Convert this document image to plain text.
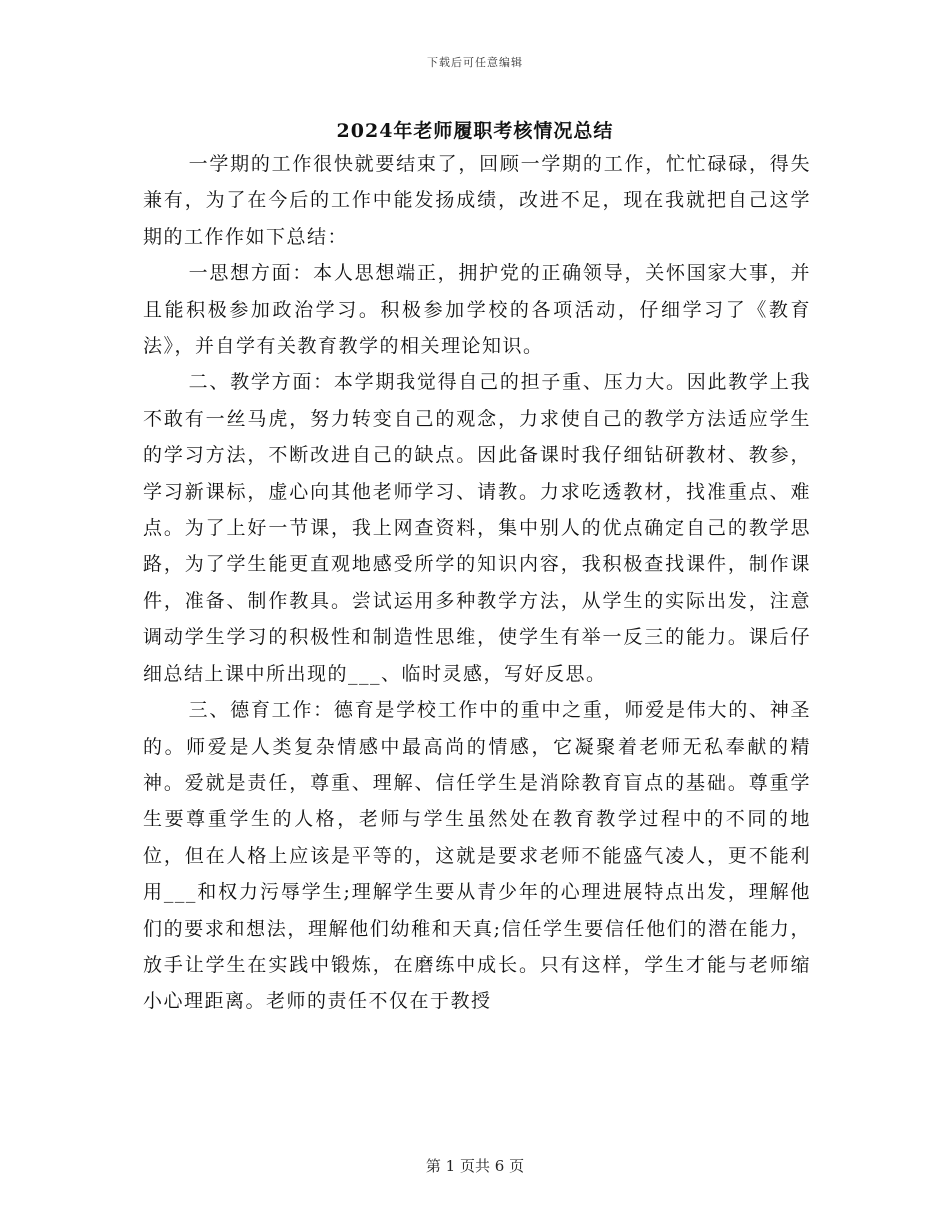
下载后可任意编辑
2024年老师履职考核情况总结

一学期的工作很快就要结束了，回顾一学期的工作，忙忙碌碌，得失兼有，为了在今后的工作中能发扬成绩，改进不足，现在我就把自己这学期的工作作如下总结：

一思想方面：本人思想端正，拥护党的正确领导，关怀国家大事，并且能积极参加政治学习。积极参加学校的各项活动，仔细学习了《教育法》，并自学有关教育教学的相关理论知识。

二、教学方面：本学期我觉得自己的担子重、压力大。因此教学上我不敢有一丝马虎，努力转变自己的观念，力求使自己的教学方法适应学生的学习方法，不断改进自己的缺点。因此备课时我仔细钻研教材、教参，学习新课标，虚心向其他老师学习、请教。力求吃透教材，找准重点、难点。为了上好一节课，我上网查资料，集中别人的优点确定自己的教学思路，为了学生能更直观地感受所学的知识内容，我积极查找课件，制作课件，准备、制作教具。尝试运用多种教学方法，从学生的实际出发，注意调动学生学习的积极性和制造性思维，使学生有举一反三的能力。课后仔细总结上课中所出现的___、临时灵感，写好反思。

三、德育工作：德育是学校工作中的重中之重，师爱是伟大的、神圣的。师爱是人类复杂情感中最高尚的情感，它凝聚着老师无私奉献的精神。爱就是责任，尊重、理解、信任学生是消除教育盲点的基础。尊重学生要尊重学生的人格，老师与学生虽然处在教育教学过程中的不同的地位，但在人格上应该是平等的，这就是要求老师不能盛气凌人，更不能利用___和权力污辱学生;理解学生要从青少年的心理进展特点出发，理解他们的要求和想法，理解他们幼稚和天真;信任学生要信任他们的潜在能力，放手让学生在实践中锻炼，在磨练中成长。只有这样，学生才能与老师缩小心理距离。老师的责任不仅在于教授

第 1 页共 6 页
